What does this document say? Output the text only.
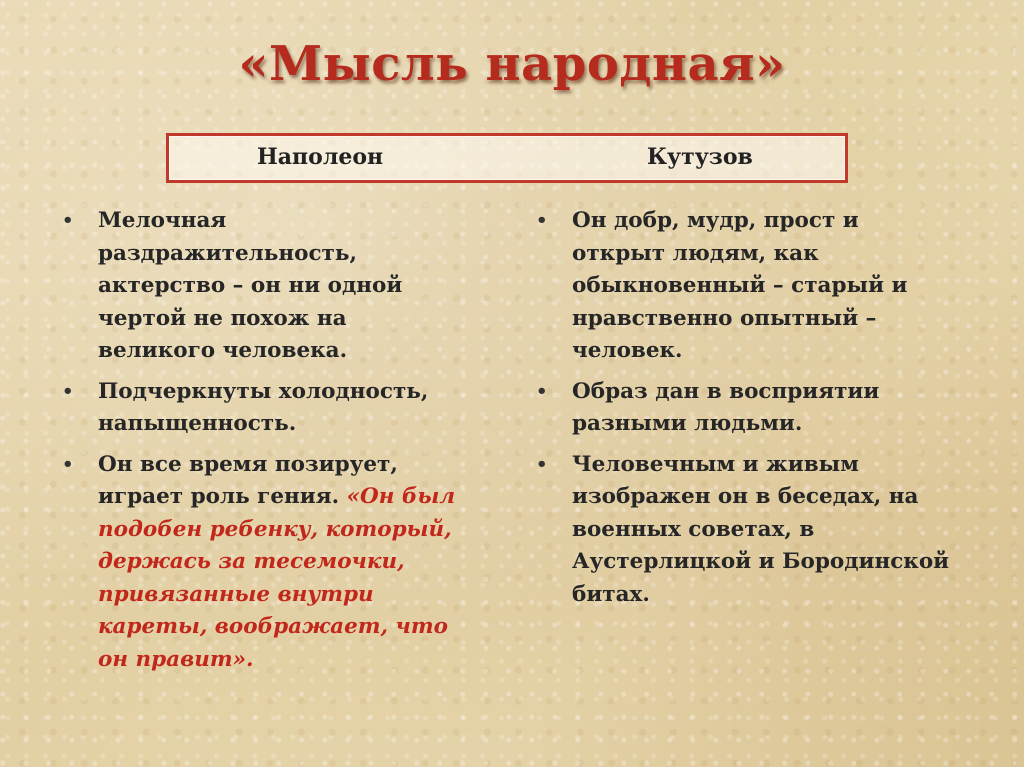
«Мысль народная»
Наполеон	Кутузов
• Мелочная раздражительность, актерство – он ни одной чертой не похож на великого человека.
• Подчеркнуты холодность, напыщенность.
• Он все время позирует, играет роль гения. «Он был подобен ребенку, который, держась за тесемочки, привязанные внутри кареты, воображает, что он правит».
• Он добр, мудр, прост и открыт людям, как обыкновенный – старый и нравственно опытный – человек.
• Образ дан в восприятии разными людьми.
• Человечным и живым изображен он в беседах, на военных советах, в Аустерлицкой и Бородинской битах.
